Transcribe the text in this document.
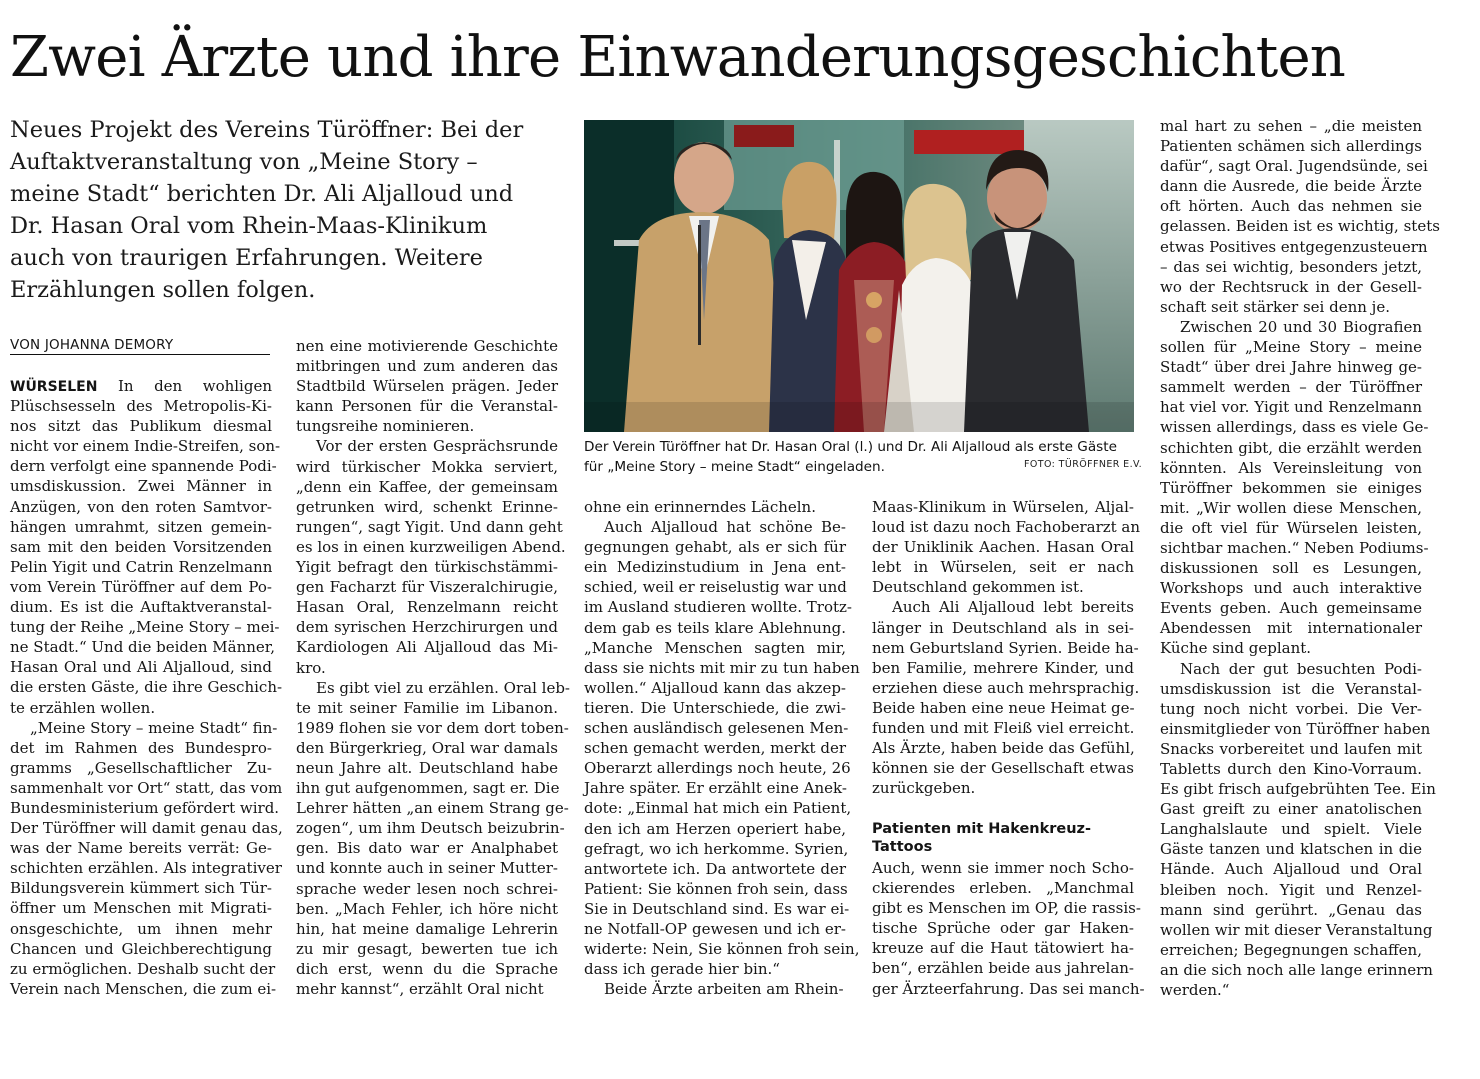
Zwei Ärzte und ihre Einwanderungsgeschichten
Neues Projekt des Vereins Türöffner: Bei der
Auftaktveranstaltung von „Meine Story –
meine Stadt“ berichten Dr. Ali Aljalloud und
Dr. Hasan Oral vom Rhein-Maas-Klinikum
auch von traurigen Erfahrungen. Weitere
Erzählungen sollen folgen.
VON JOHANNA DEMORY
Der Verein Türöffner hat Dr. Hasan Oral (l.) und Dr. Ali Aljalloud als erste Gäste
für „Meine Story – meine Stadt“ eingeladen.	FOTO: TÜRÖFFNER E.V.
WÜRSELEN In den wohligen
Plüschsesseln des Metropolis-Ki-
nos sitzt das Publikum diesmal
nicht vor einem Indie-Streifen, son-
dern verfolgt eine spannende Podi-
umsdiskussion. Zwei Männer in
Anzügen, von den roten Samtvor-
hängen umrahmt, sitzen gemein-
sam mit den beiden Vorsitzenden
Pelin Yigit und Catrin Renzelmann
vom Verein Türöffner auf dem Po-
dium. Es ist die Auftaktveranstal-
tung der Reihe „Meine Story – mei-
ne Stadt.“ Und die beiden Männer,
Hasan Oral und Ali Aljalloud, sind
die ersten Gäste, die ihre Geschich-
te erzählen wollen.
„Meine Story – meine Stadt“ fin-
det im Rahmen des Bundespro-
gramms „Gesellschaftlicher Zu-
sammenhalt vor Ort“ statt, das vom
Bundesministerium gefördert wird.
Der Türöffner will damit genau das,
was der Name bereits verrät: Ge-
schichten erzählen. Als integrativer
Bildungsverein kümmert sich Tür-
öffner um Menschen mit Migrati-
onsgeschichte, um ihnen mehr
Chancen und Gleichberechtigung
zu ermöglichen. Deshalb sucht der
Verein nach Menschen, die zum ei-
nen eine motivierende Geschichte
mitbringen und zum anderen das
Stadtbild Würselen prägen. Jeder
kann Personen für die Veranstal-
tungsreihe nominieren.
Vor der ersten Gesprächsrunde
wird türkischer Mokka serviert,
„denn ein Kaffee, der gemeinsam
getrunken wird, schenkt Erinne-
rungen“, sagt Yigit. Und dann geht
es los in einen kurzweiligen Abend.
Yigit befragt den türkischstämmi-
gen Facharzt für Viszeralchirugie,
Hasan Oral, Renzelmann reicht
dem syrischen Herzchirurgen und
Kardiologen Ali Aljalloud das Mi-
kro.
Es gibt viel zu erzählen. Oral leb-
te mit seiner Familie im Libanon.
1989 flohen sie vor dem dort toben-
den Bürgerkrieg, Oral war damals
neun Jahre alt. Deutschland habe
ihn gut aufgenommen, sagt er. Die
Lehrer hätten „an einem Strang ge-
zogen“, um ihm Deutsch beizubrin-
gen. Bis dato war er Analphabet
und konnte auch in seiner Mutter-
sprache weder lesen noch schrei-
ben. „Mach Fehler, ich höre nicht
hin, hat meine damalige Lehrerin
zu mir gesagt, bewerten tue ich
dich erst, wenn du die Sprache
mehr kannst“, erzählt Oral nicht
ohne ein erinnerndes Lächeln.
Auch Aljalloud hat schöne Be-
gegnungen gehabt, als er sich für
ein Medizinstudium in Jena ent-
schied, weil er reiselustig war und
im Ausland studieren wollte. Trotz-
dem gab es teils klare Ablehnung.
„Manche Menschen sagten mir,
dass sie nichts mit mir zu tun haben
wollen.“ Aljalloud kann das akzep-
tieren. Die Unterschiede, die zwi-
schen ausländisch gelesenen Men-
schen gemacht werden, merkt der
Oberarzt allerdings noch heute, 26
Jahre später. Er erzählt eine Anek-
dote: „Einmal hat mich ein Patient,
den ich am Herzen operiert habe,
gefragt, wo ich herkomme. Syrien,
antwortete ich. Da antwortete der
Patient: Sie können froh sein, dass
Sie in Deutschland sind. Es war ei-
ne Notfall-OP gewesen und ich er-
widerte: Nein, Sie können froh sein,
dass ich gerade hier bin.“
Beide Ärzte arbeiten am Rhein-
Maas-Klinikum in Würselen, Aljal-
loud ist dazu noch Fachoberarzt an
der Uniklinik Aachen. Hasan Oral
lebt in Würselen, seit er nach
Deutschland gekommen ist.
Auch Ali Aljalloud lebt bereits
länger in Deutschland als in sei-
nem Geburtsland Syrien. Beide ha-
ben Familie, mehrere Kinder, und
erziehen diese auch mehrsprachig.
Beide haben eine neue Heimat ge-
funden und mit Fleiß viel erreicht.
Als Ärzte, haben beide das Gefühl,
können sie der Gesellschaft etwas
zurückgeben.
Patienten mit Hakenkreuz-Tattoos
Auch, wenn sie immer noch Scho-
ckierendes erleben. „Manchmal
gibt es Menschen im OP, die rassis-
tische Sprüche oder gar Haken-
kreuze auf die Haut tätowiert ha-
ben“, erzählen beide aus jahrelan-
ger Ärzteerfahrung. Das sei manch-
mal hart zu sehen – „die meisten
Patienten schämen sich allerdings
dafür“, sagt Oral. Jugendsünde, sei
dann die Ausrede, die beide Ärzte
oft hörten. Auch das nehmen sie
gelassen. Beiden ist es wichtig, stets
etwas Positives entgegenzusteuern
– das sei wichtig, besonders jetzt,
wo der Rechtsruck in der Gesell-
schaft seit stärker sei denn je.
Zwischen 20 und 30 Biografien
sollen für „Meine Story – meine
Stadt“ über drei Jahre hinweg ge-
sammelt werden – der Türöffner
hat viel vor. Yigit und Renzelmann
wissen allerdings, dass es viele Ge-
schichten gibt, die erzählt werden
könnten. Als Vereinsleitung von
Türöffner bekommen sie einiges
mit. „Wir wollen diese Menschen,
die oft viel für Würselen leisten,
sichtbar machen.“ Neben Podiums-
diskussionen soll es Lesungen,
Workshops und auch interaktive
Events geben. Auch gemeinsame
Abendessen mit internationaler
Küche sind geplant.
Nach der gut besuchten Podi-
umsdiskussion ist die Veranstal-
tung noch nicht vorbei. Die Ver-
einsmitglieder von Türöffner haben
Snacks vorbereitet und laufen mit
Tabletts durch den Kino-Vorraum.
Es gibt frisch aufgebrühten Tee. Ein
Gast greift zu einer anatolischen
Langhalslaute und spielt. Viele
Gäste tanzen und klatschen in die
Hände. Auch Aljalloud und Oral
bleiben noch. Yigit und Renzel-
mann sind gerührt. „Genau das
wollen wir mit dieser Veranstaltung
erreichen; Begegnungen schaffen,
an die sich noch alle lange erinnern
werden.“
